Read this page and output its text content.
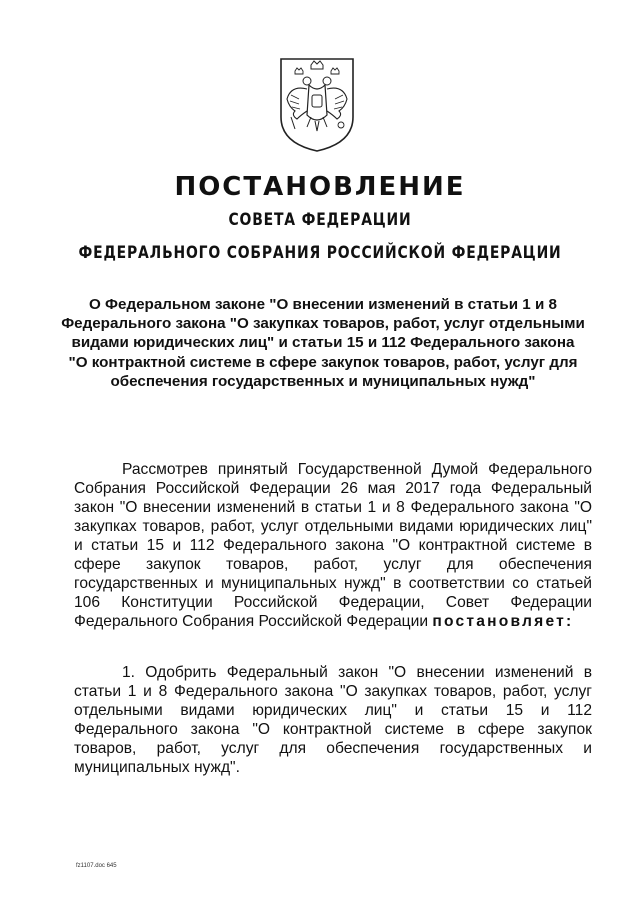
ПОСТАНОВЛЕНИЕ
СОВЕТА ФЕДЕРАЦИИ
ФЕДЕРАЛЬНОГО СОБРАНИЯ РОССИЙСКОЙ ФЕДЕРАЦИИ
О Федеральном законе "О внесении изменений в статьи 1 и 8 Федерального закона "О закупках товаров, работ, услуг отдельными видами юридических лиц" и статьи 15 и 112 Федерального закона "О контрактной системе в сфере закупок товаров, работ, услуг для обеспечения государственных и муниципальных нужд"
Рассмотрев принятый Государственной Думой Федерального Собрания Российской Федерации 26 мая 2017 года Федеральный закон "О внесении изменений в статьи 1 и 8 Федерального закона "О закупках товаров, работ, услуг отдельными видами юридических лиц" и статьи 15 и 112 Федерального закона "О контрактной системе в сфере закупок товаров, работ, услуг для обеспечения государственных и муниципальных нужд" в соответствии со статьей 106 Конституции Российской Федерации, Совет Федерации Федерального Собрания Российской Федерации постановляет:
1. Одобрить Федеральный закон "О внесении изменений в статьи 1 и 8 Федерального закона "О закупках товаров, работ, услуг отдельными видами юридических лиц" и статьи 15 и 112 Федерального закона "О контрактной системе в сфере закупок товаров, работ, услуг для обеспечения государственных и муниципальных нужд".
fz1107.doc 645
